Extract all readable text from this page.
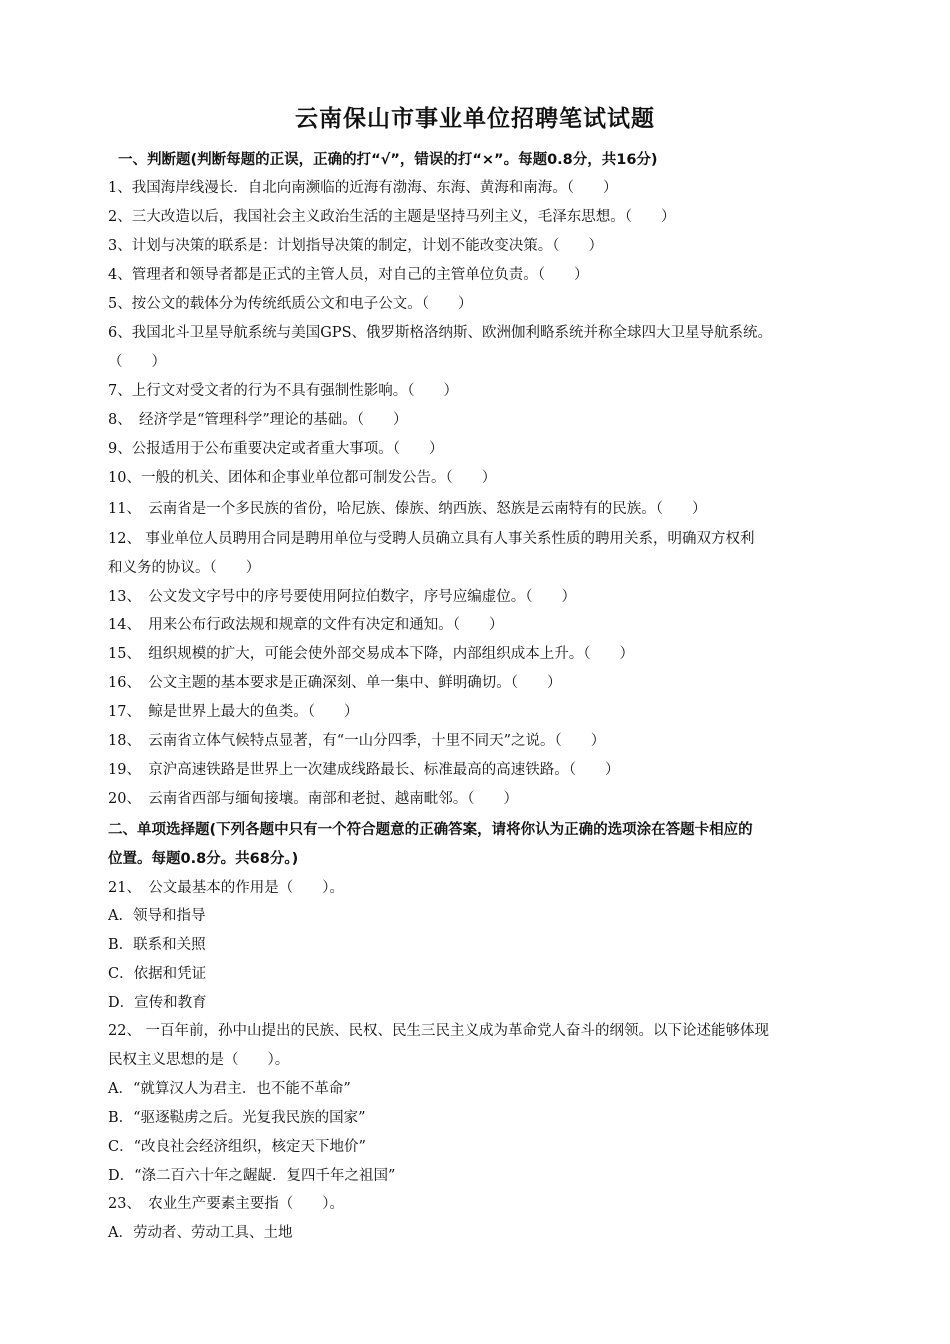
云南保山市事业单位招聘笔试试题
一、判断题(判断每题的正误，正确的打“√”，错误的打“×”。每题0.8分，共16分)
1、我国海岸线漫长．自北向南濒临的近海有渤海、东海、黄海和南海。（　　）
2、三大改造以后，我国社会主义政治生活的主题是坚持马列主义，毛泽东思想。（　　）
3、计划与决策的联系是：计划指导决策的制定，计划不能改变决策。（　　）
4、管理者和领导者都是正式的主管人员，对自己的主管单位负责。（　　）
5、按公文的载体分为传统纸质公文和电子公文。（　　）
6、我国北斗卫星导航系统与美国GPS、俄罗斯格洛纳斯、欧洲伽利略系统并称全球四大卫星导航系统。
（　　）
7、上行文对受文者的行为不具有强制性影响。（　　）
8、　经济学是“管理科学”理论的基础。（　　）
9、公报适用于公布重要决定或者重大事项。（　　）
10、一般的机关、团体和企事业单位都可制发公告。（　　）
11、　云南省是一个多民族的省份，哈尼族、傣族、纳西族、怒族是云南特有的民族。（　　）
12、 事业单位人员聘用合同是聘用单位与受聘人员确立具有人事关系性质的聘用关系，明确双方权利
和义务的协议。（　　）
13、　公文发文字号中的序号要使用阿拉伯数字，序号应编虚位。（　　）
14、　用来公布行政法规和规章的文件有决定和通知。（　　）
15、　组织规模的扩大，可能会使外部交易成本下降，内部组织成本上升。（　　）
16、　公文主题的基本要求是正确深刻、单一集中、鲜明确切。（　　）
17、　鲸是世界上最大的鱼类。（　　）
18、　云南省立体气候特点显著，有“一山分四季，十里不同天”之说。（　　）
19、　京沪高速铁路是世界上一次建成线路最长、标准最高的高速铁路。（　　）
20、　云南省西部与缅甸接壤。南部和老挝、越南毗邻。（　　）
二、单项选择题(下列各题中只有一个符合题意的正确答案，请将你认为正确的选项涂在答题卡相应的
位置。每题0.8分。共68分。)
21、　公文最基本的作用是（　　）。
A．领导和指导
B．联系和关照
C．依据和凭证
D．宣传和教育
22、 一百年前，孙中山提出的民族、民权、民生三民主义成为革命党人奋斗的纲领。以下论述能够体现
民权主义思想的是（　　）。
A．“就算汉人为君主．也不能不革命”
B．“驱逐鞑虏之后。光复我民族的国家”
C．“改良社会经济组织，核定天下地价”
D．“涤二百六十年之龌龊．复四千年之祖国”
23、　农业生产要素主要指（　　）。
A．劳动者、劳动工具、土地
